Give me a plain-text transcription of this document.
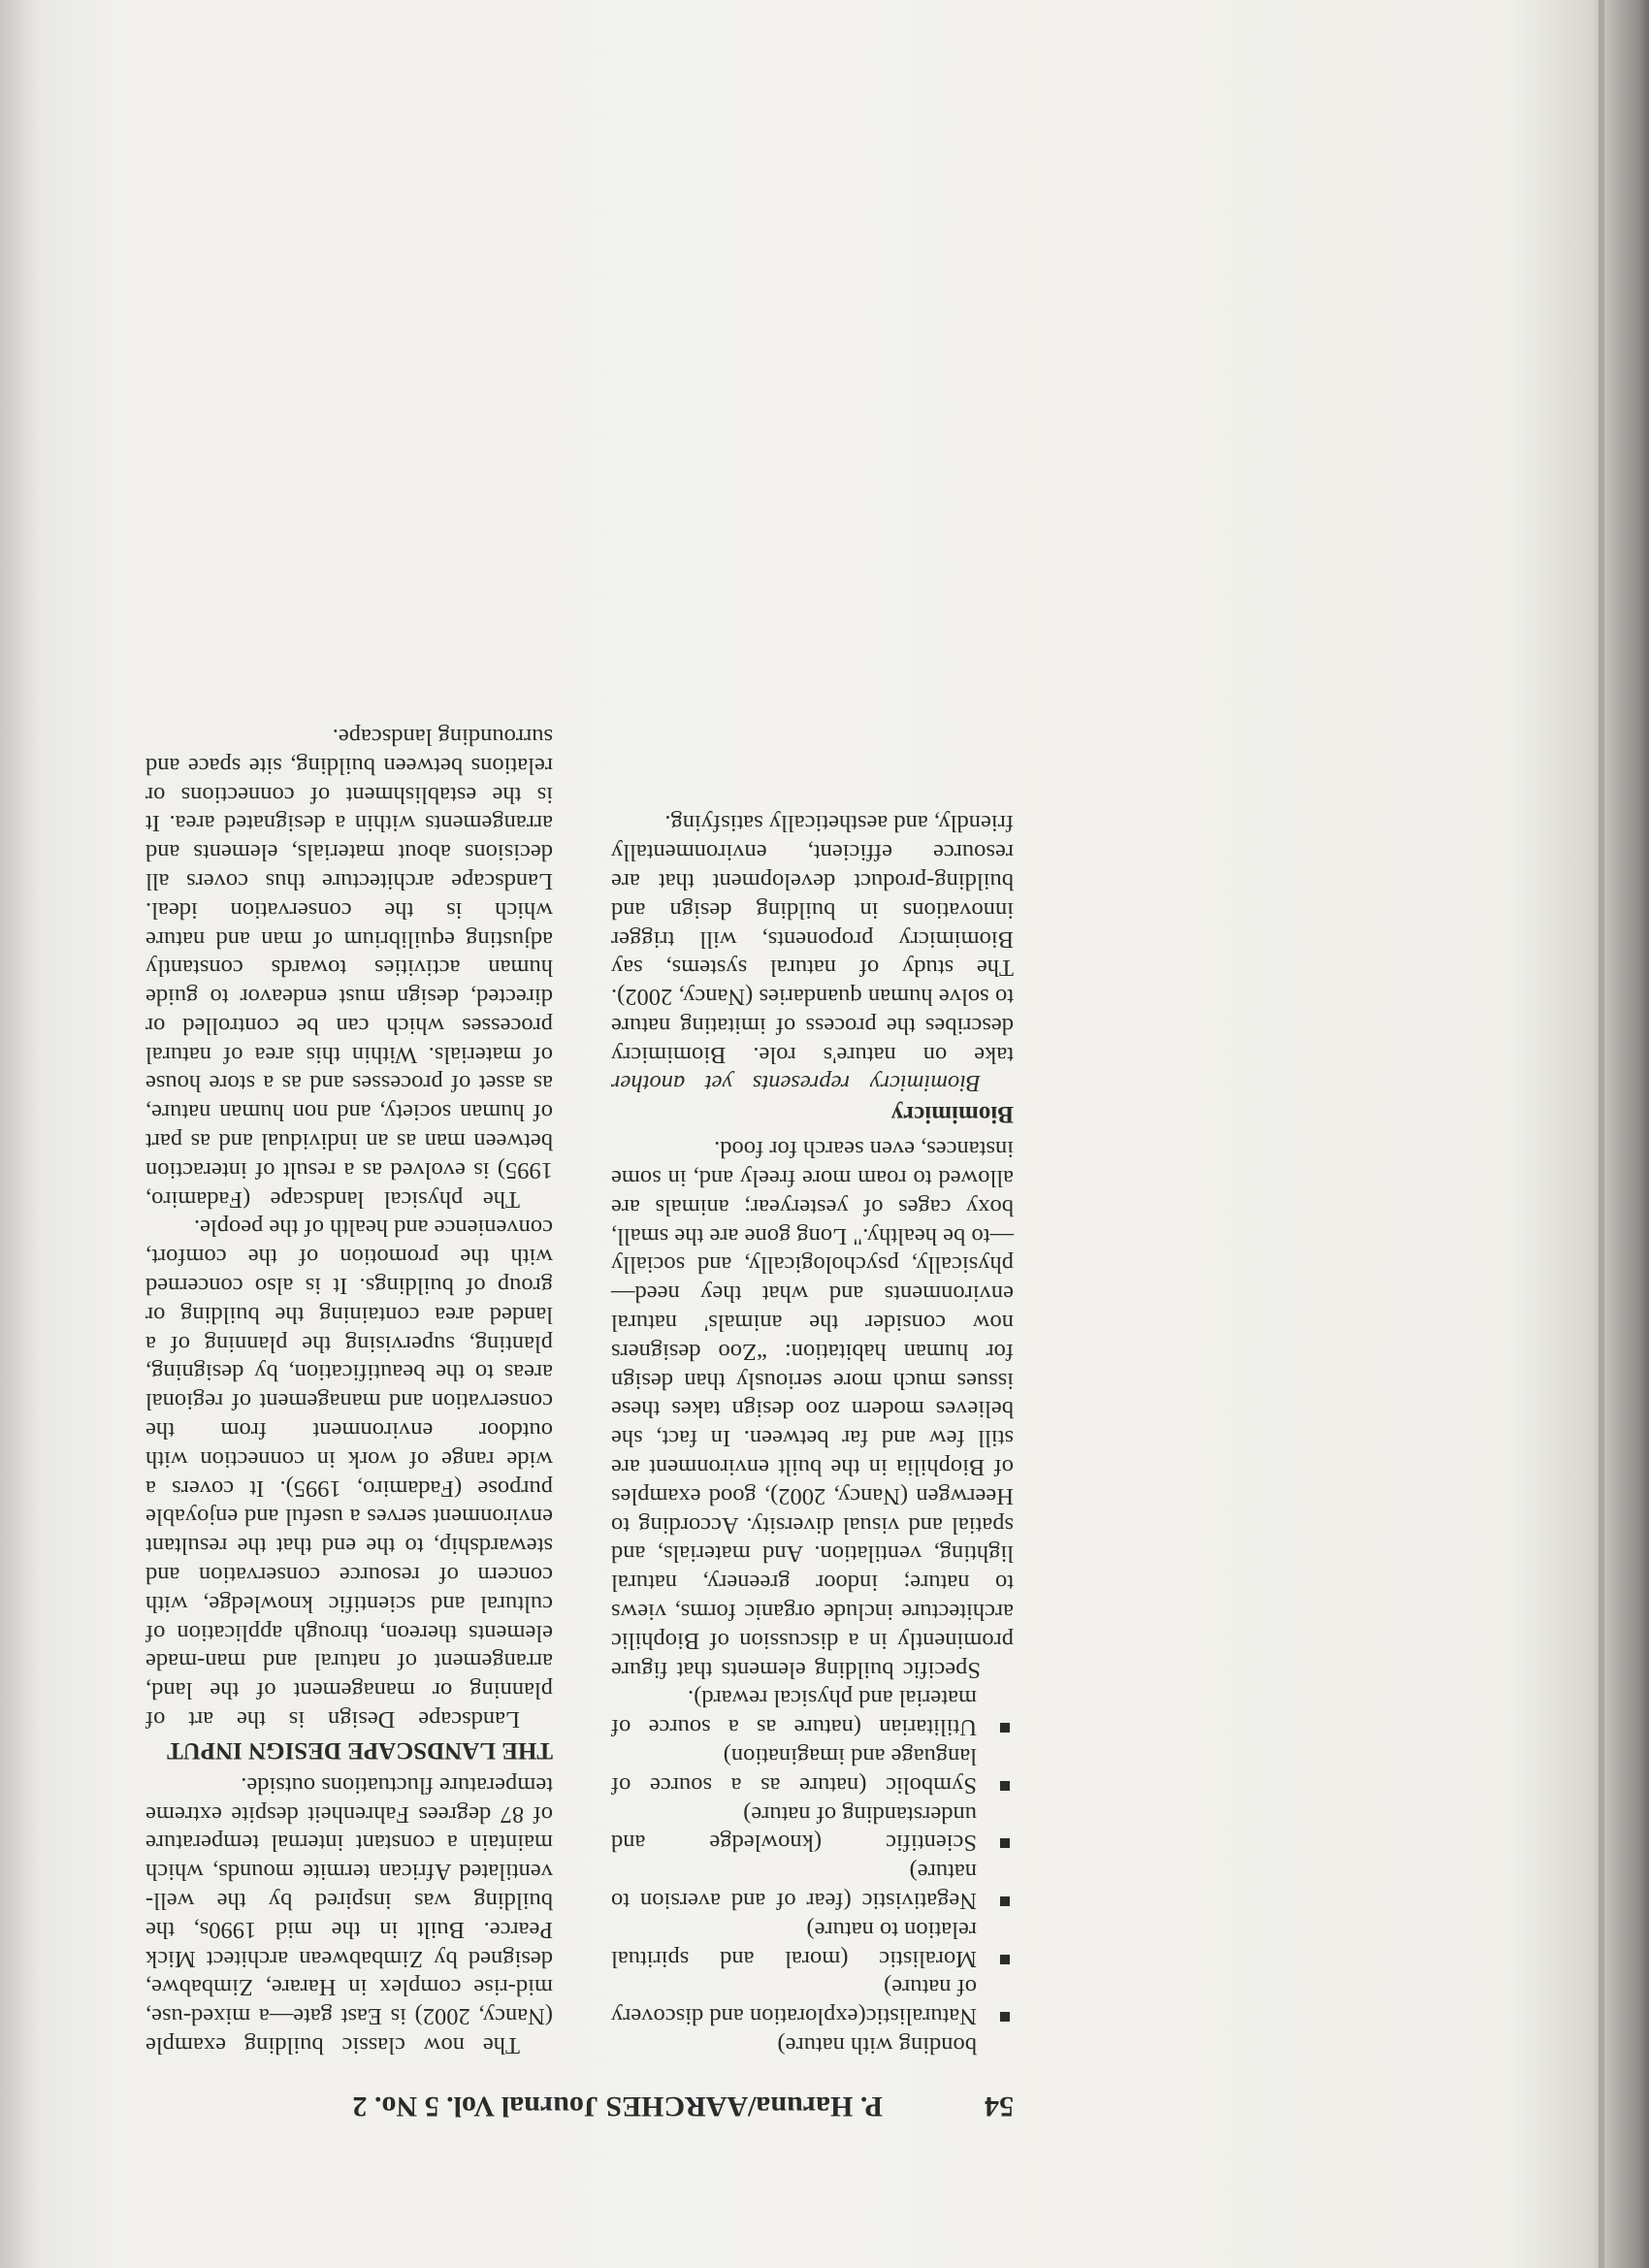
54
P. Haruna/AARCHES Journal Vol. 5 No. 2
bonding with nature)
Naturalistic(exploration and discovery of nature)
Moralistic (moral and spiritual relation to nature)
Negativistic (fear of and aversion to nature)
Scientific (knowledge and understanding of nature)
Symbolic (nature as a source of language and imagination)
Utilitarian (nature as a source of material and physical reward).

Specific building elements that figure prominently in a discussion of Biophilic architecture include organic forms, views to nature; indoor greenery, natural lighting, ventilation. And materials, and spatial and visual diversity. According to Heerwgen (Nancy, 2002), good examples of Biophilia in the built environment are still few and far between. In fact, she believes modern zoo design takes these issues much more seriously than design for human habitation: “Zoo designers now consider the animals' natural environments and what they need—physically, psychologically, and socially—to be healthy." Long gone are the small, boxy cages of yesteryear; animals are allowed to roam more freely and, in some instances, even search for food.

Biomimicry

Biomimicry represents yet another take on nature's role. Biomimicry describes the process of imitating nature to solve human quandaries (Nancy, 2002). The study of natural systems, say Biomimicry proponents, will trigger innovations in building design and building-product development that are resource efficient, environmentally friendly, and aesthetically satisfying.

The now classic building example (Nancy, 2002) is East gate—a mixed-use, mid-rise complex in Harare, Zimbabwe, designed by Zimbabwean architect Mick Pearce. Built in the mid 1990s, the building was inspired by the well-ventilated African termite mounds, which maintain a constant internal temperature of 87 degrees Fahrenheit despite extreme temperature fluctuations outside.

THE LANDSCAPE DESIGN INPUT

Landscape Design is the art of planning or management of the land, arrangement of natural and man-made elements thereon, through application of cultural and scientific knowledge, with concern of resource conservation and stewardship, to the end that the resultant environment serves a useful and enjoyable purpose (Fadamiro, 1995). It covers a wide range of work in connection with outdoor environment from the conservation and management of regional areas to the beautification, by designing, planting, supervising the planning of a landed area containing the building or group of buildings. It is also concerned with the promotion of the comfort, convenience and health of the people.

The physical landscape (Fadamiro, 1995) is evolved as a result of interaction between man as an individual and as part of human society, and non human nature, as asset of processes and as a store house of materials. Within this area of natural processes which can be controlled or directed, design must endeavor to guide human activities towards constantly adjusting equilibrium of man and nature which is the conservation ideal. Landscape architecture thus covers all decisions about materials, elements and arrangements within a designated area. It is the establishment of connections or relations between building, site space and surrounding landscape.
